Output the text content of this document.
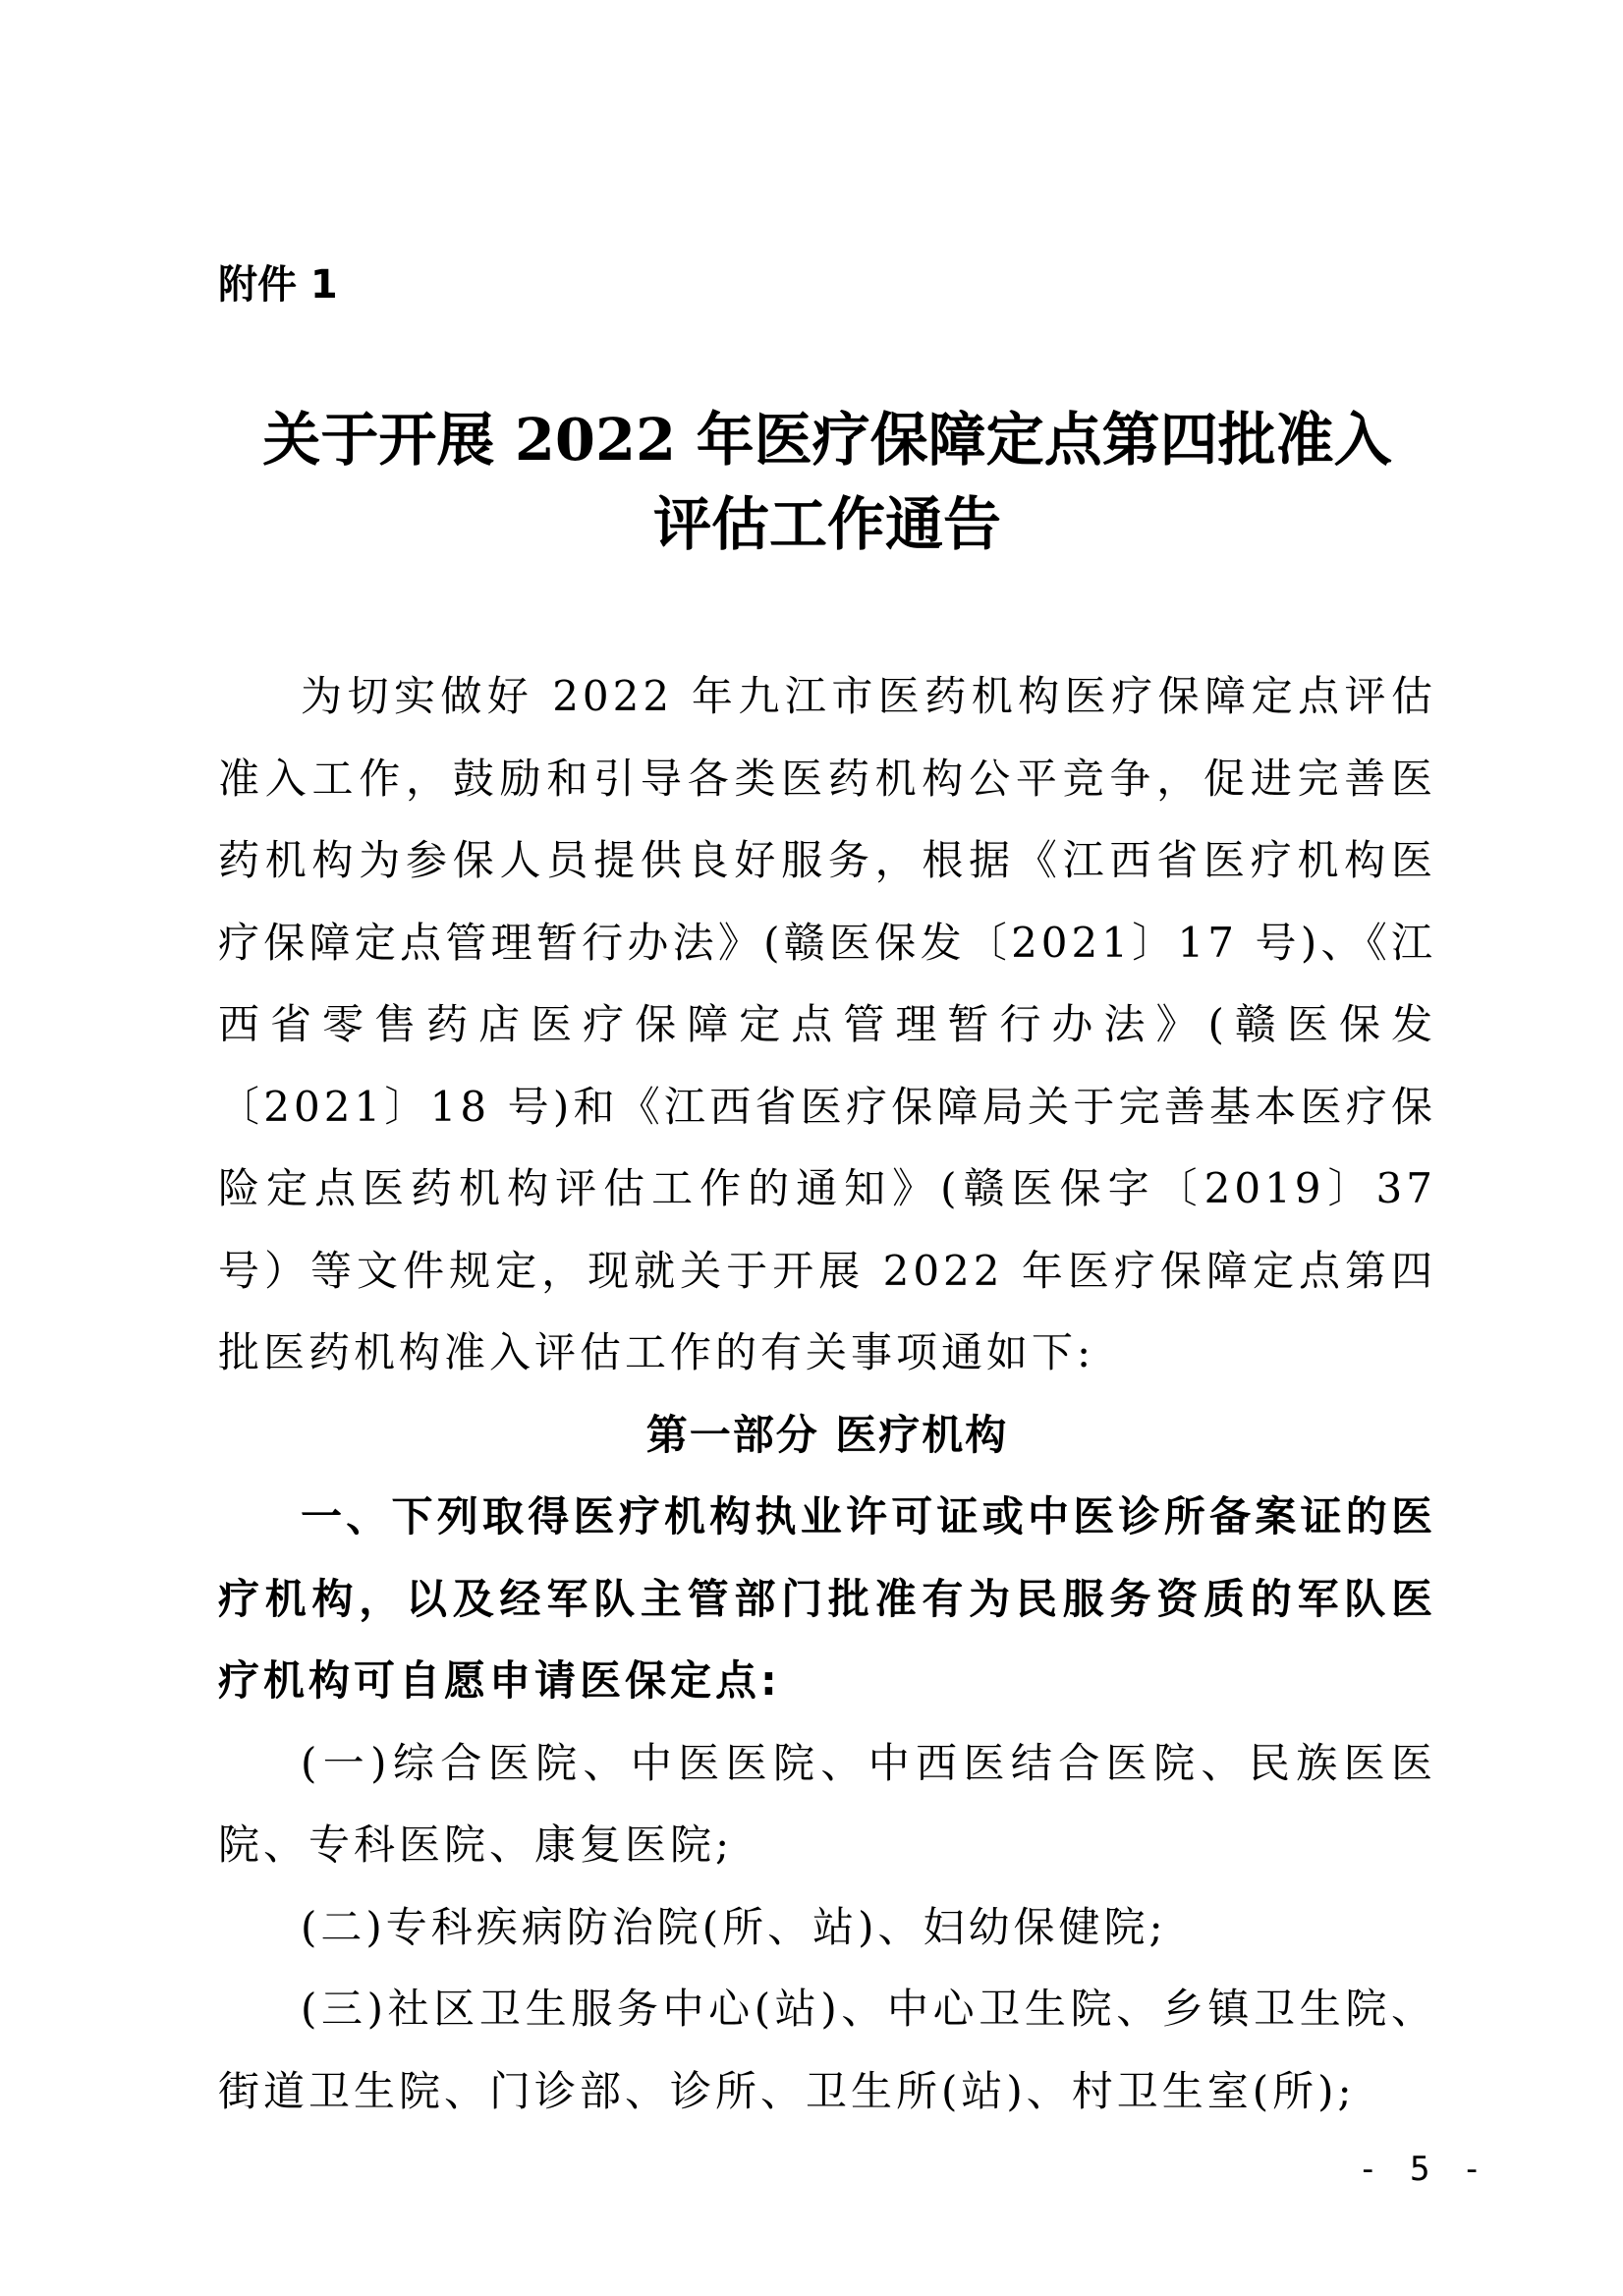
附件 1
关于开展 2022 年医疗保障定点第四批准入
评估工作通告

为切实做好 2022 年九江市医药机构医疗保障定点评估准入工作，鼓励和引导各类医药机构公平竞争，促进完善医药机构为参保人员提供良好服务，根据《江西省医疗机构医疗保障定点管理暂行办法》(赣医保发〔2021〕17 号)、《江西省零售药店医疗保障定点管理暂行办法》(赣医保发〔2021〕18 号)和《江西省医疗保障局关于完善基本医疗保险定点医药机构评估工作的通知》(赣医保字〔2019〕37 号）等文件规定，现就关于开展 2022 年医疗保障定点第四批医药机构准入评估工作的有关事项通如下:

第一部分 医疗机构

一、下列取得医疗机构执业许可证或中医诊所备案证的医疗机构，以及经军队主管部门批准有为民服务资质的军队医疗机构可自愿申请医保定点:

(一)综合医院、中医医院、中西医结合医院、民族医医院、专科医院、康复医院;

(二)专科疾病防治院(所、站)、妇幼保健院;

(三)社区卫生服务中心(站)、中心卫生院、乡镇卫生院、街道卫生院、门诊部、诊所、卫生所(站)、村卫生室(所);

- 5 -
